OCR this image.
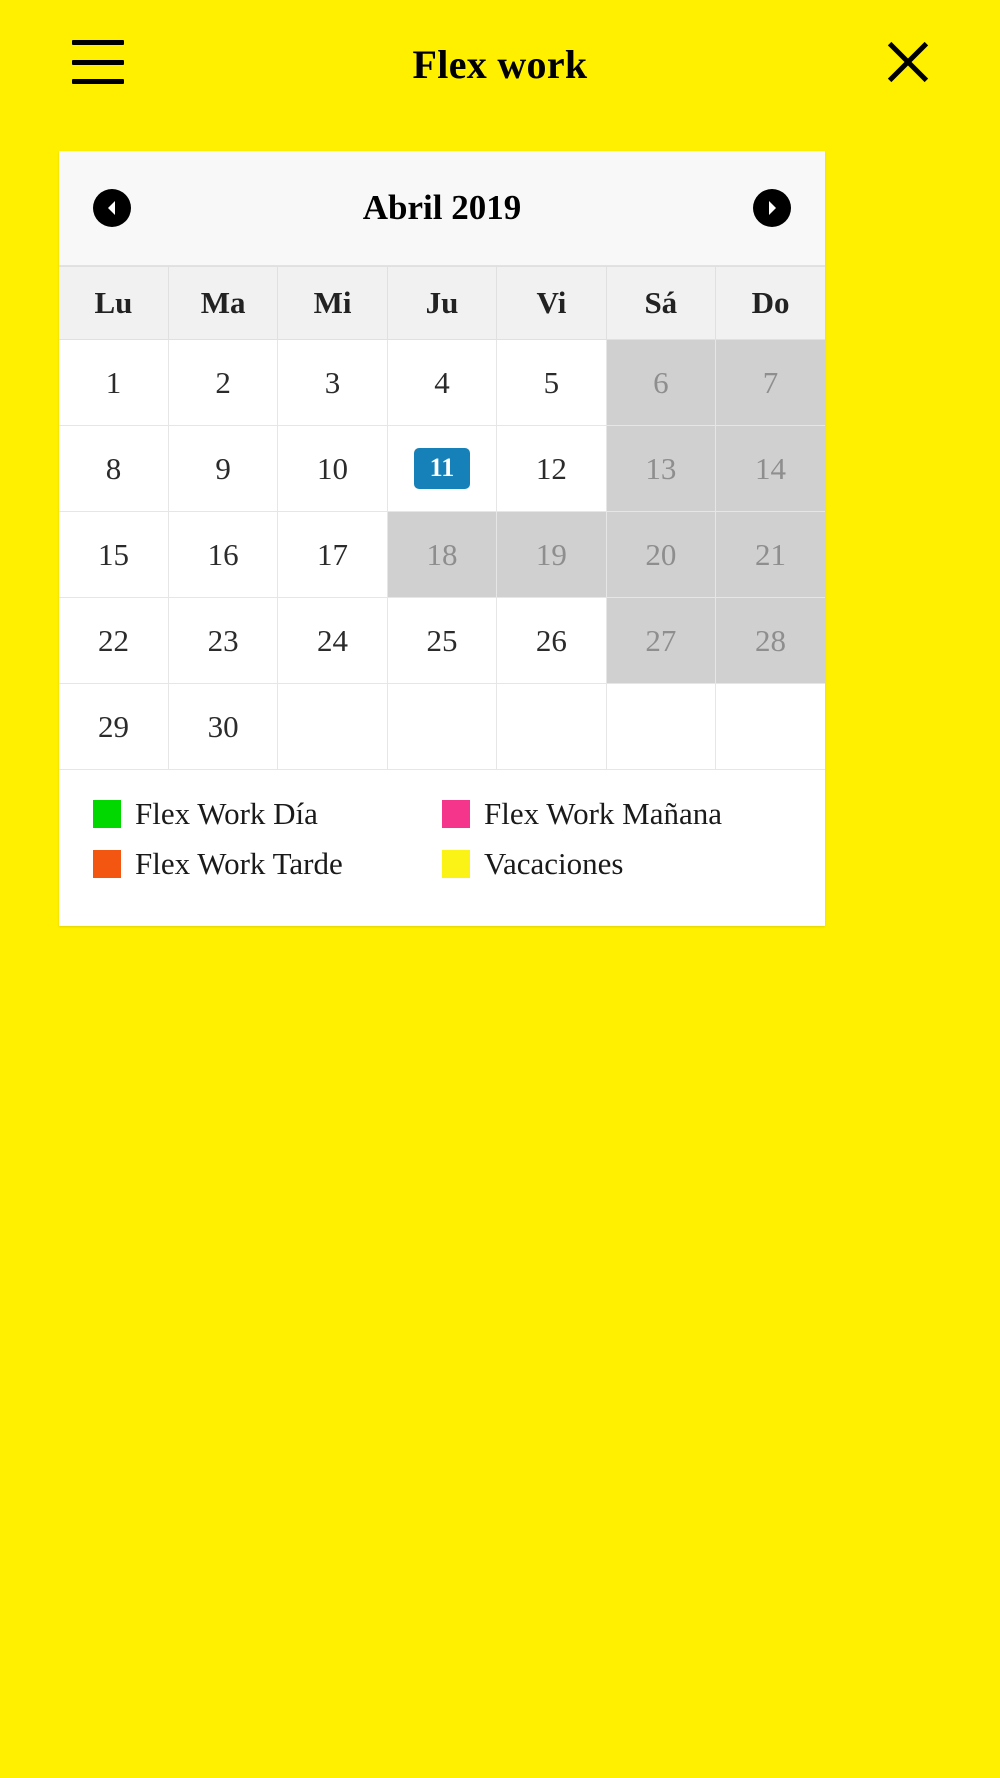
Flex work
Abril 2019
Lu	Ma	Mi	Ju	Vi	Sá	Do
1	2	3	4	5	6	7
8	9	10	11	12	13	14
15	16	17	18	19	20	21
22	23	24	25	26	27	28
29	30					
Flex Work Día	Flex Work Mañana
Flex Work Tarde	Vacaciones
